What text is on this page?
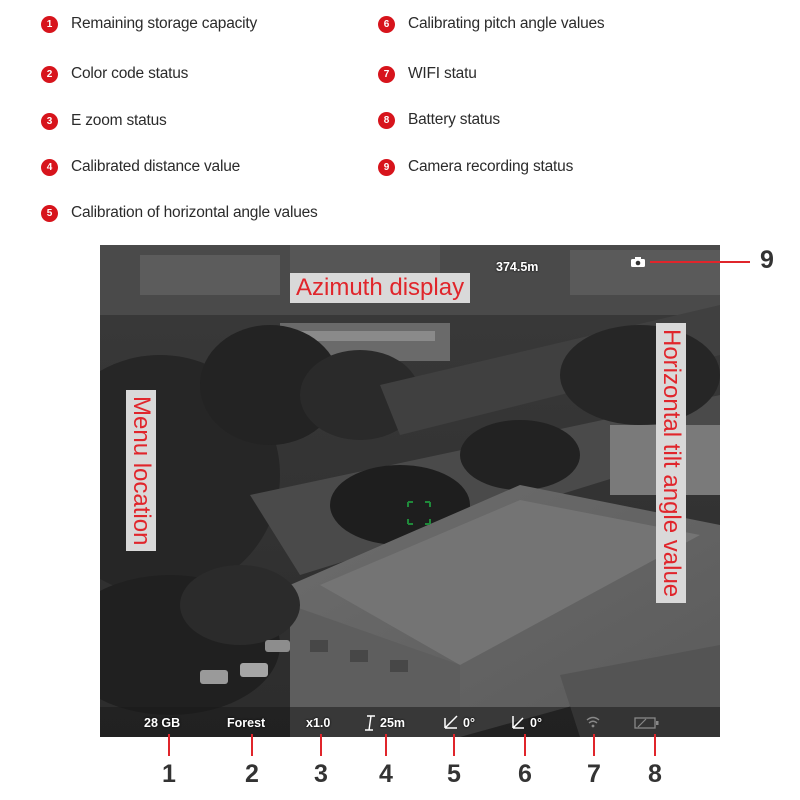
1	Remaining storage capacity
2	Color code status
3	E zoom status
4	Calibrated distance value
5	Calibration of horizontal angle values
6	Calibrating pitch angle values
7	WIFI statu
8	Battery status
9	Camera recording status
374.5m
Azimuth display
Menu location	Horizontal tilt angle value
28 GB	Forest	x1.0	25m	0°	0°
1	2 3 4 5 6 7 8
9
